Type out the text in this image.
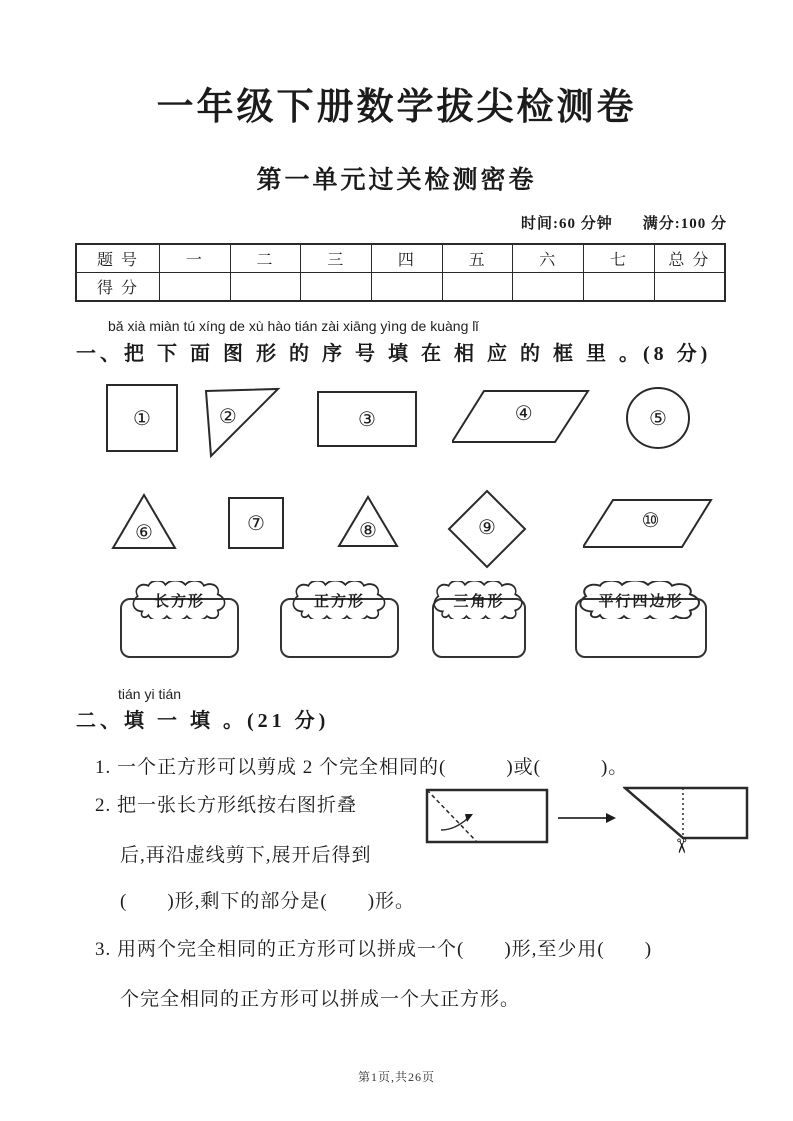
一年级下册数学拔尖检测卷
第一单元过关检测密卷
时间:60 分钟 满分:100 分
题 号	一	二	三	四	五	六	七	总 分
得 分								
bǎ xià miàn tú xíng de xù hào tián zài xiāng yìng de kuàng lǐ
一、把 下 面 图 形 的 序 号 填 在 相 应 的 框 里 。(8 分)
①	②	③	④	⑤
⑥	⑦	⑧	⑨	⑩
长方形	正方形	三角形	平行四边形
tián yi tián
二、填 一 填 。(21 分)
1. 一个正方形可以剪成 2 个完全相同的(　　　)或(　　　)。
2. 把一张长方形纸按右图折叠
后,再沿虚线剪下,展开后得到
(　　)形,剩下的部分是(　　)形。
✂
3. 用两个完全相同的正方形可以拼成一个(　　)形,至少用(　　)
个完全相同的正方形可以拼成一个大正方形。
第1页,共26页
